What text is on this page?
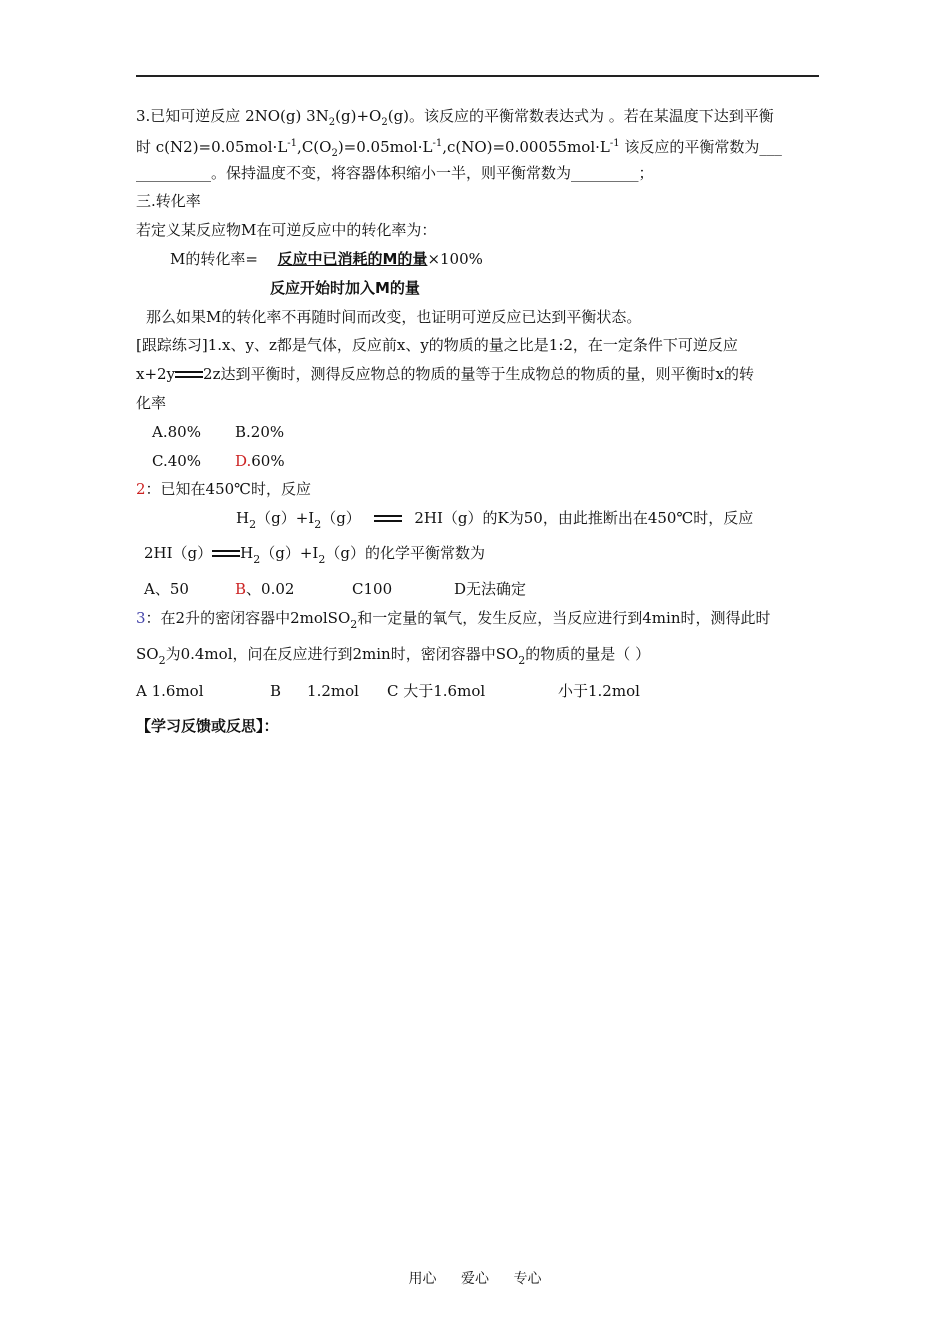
3.已知可逆反应 2NO(g) $3N_2(g)+O_2(g)$。该反应的平衡常数表达式为 。若在某温度下达到平衡
时 $c(N2)=0.05mol\cdot L^{-1},C(O_2)=0.05mol\cdot L^{-1},c(NO)=0.00055mol\cdot L^{-1}$ 该反应的平衡常数为___
__________。保持温度不变，将容器体积缩小一半，则平衡常数为_________；
三.转化率
若定义某反应物M在可逆反应中的转化率为：
M的转化率= 反应中已消耗的M的量×100%
反应开始时加入M的量
那么如果M的转化率不再随时间而改变，也证明可逆反应已达到平衡状态。
[跟踪练习]1.x、y、z都是气体，反应前x、y的物质的量之比是1:2，在一定条件下可逆反应
x+2y 2z达到平衡时，测得反应物总的物质的量等于生成物总的物质的量，则平衡时x的转
化率
A.80% B.20%
C.40% D.60%
2：已知在450℃时，反应
$H_2(g)+I_2(g)$	2HI（g）的K为50，由此推断出在450℃时，反应
2HI（g） $H_2(g)+I_2(g)$的化学平衡常数为
A、50	B、0.02	C100	D无法确定
3：在2升的密闭容器中2molSO$_2$和一定量的氧气，发生反应，当反应进行到4min时，测得此时
$SO_2$为0.4mol，问在反应进行到2min时，密闭容器中$SO_2$的物质的量是（ ）
A 1.6mol	B 1.2mol C 大于1.6mol	小于1.2mol
【学习反馈或反思】：
用心 爱心 专心
